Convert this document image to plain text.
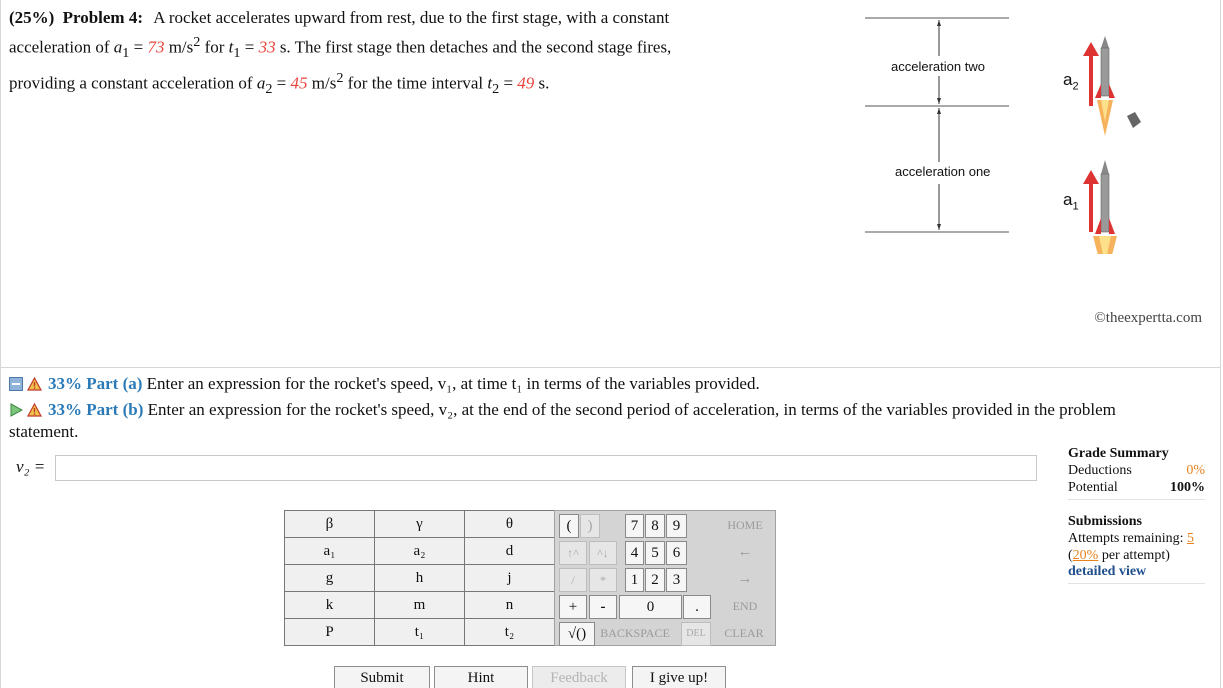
(25%) Problem 4: A rocket accelerates upward from rest, due to the first stage, with a constant
acceleration of $a_1 = 73$ $m/s^2$ for $t_1 = 33$ s. The first stage then detaches and the second stage fires,
providing a constant acceleration of $a_2 = 45$ $m/s^2$ for the time interval $t_2 = 49$ s.
acceleration two
acceleration one
$a_2$
$a_1$
©theexpertta.com
33% Part (a) Enter an expression for the rocket's speed, v₁, at time t₁ in terms of the variables provided.
33% Part (b) Enter an expression for the rocket's speed, v₂, at the end of the second period of acceleration, in terms of the variables provided in the problem
statement.
v₂ =
Grade Summary
Deductions	0%
Potential	100%
Submissions
Attempts remaining: 5
(20% per attempt)
detailed view
β	γ	θ
a₁	a₂	d
g	h	j
k	m	n
P	t₁	t₂
(	)	7 8 9	HOME
↑^	^↓	4 5 6	←
/	*	1 2 3	→
+	-	0	.	END
√()	BACKSPACE	DEL	CLEAR
Submit	Hint	Feedback	I give up!
